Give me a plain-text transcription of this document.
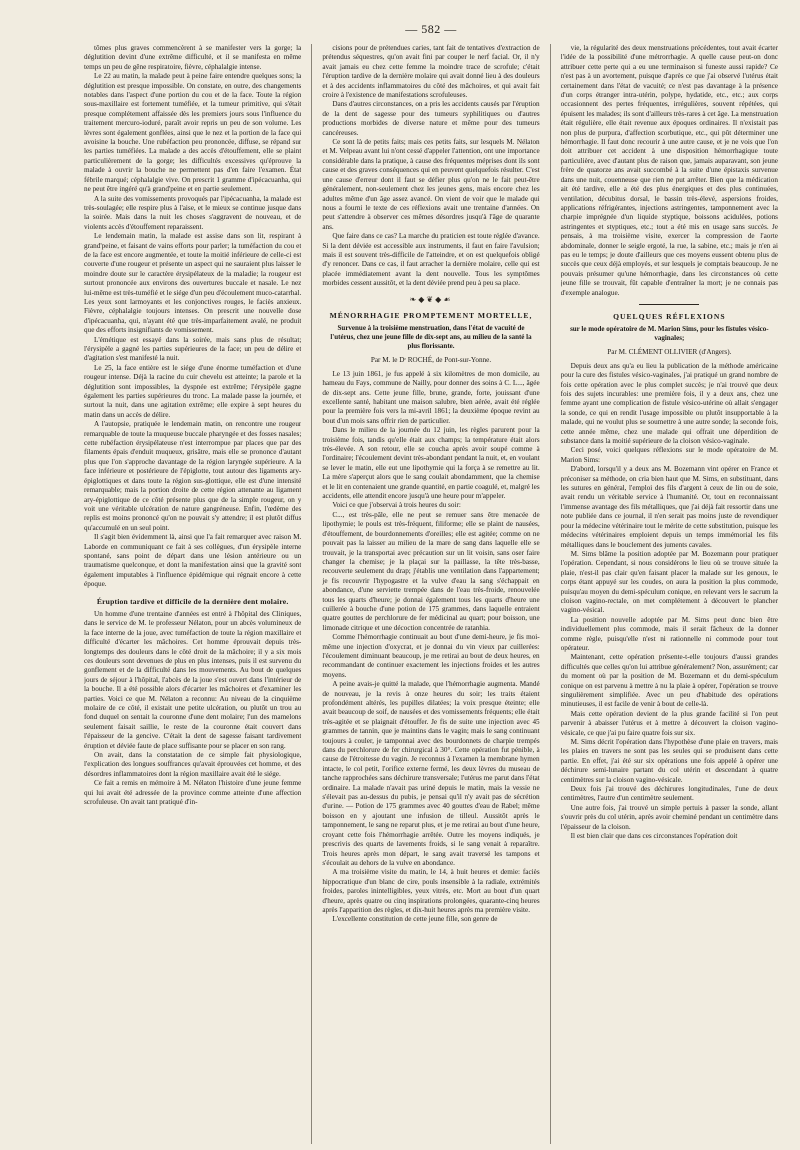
— 582 —

tômes plus graves commencèrent à se manifester vers la gorge; la déglutition devint d'une extrême difficulté, et il se manifesta en même temps un peu de gêne respiratoire, fièvre, céphalalgie intense.

Le 22 au matin, la malade peut à peine faire entendre quelques sons; la déglutition est presque impossible. On constate, en outre, des changements notables dans l'aspect d'une portion du cou et de la face. Toute la région sous-maxillaire est fortement tuméfiée, et la tumeur primitive, qui s'était presque complétement affaissée dès les premiers jours sous l'influence du traitement mercuro-ioduré, paraît avoir repris un peu de son volume. Les lèvres sont également gonflées, ainsi que le nez et la portion de la face qui avoisine la bouche. Une rubéfaction peu prononcée, diffuse, se répand sur les parties tuméfiées. La malade a des accès d'étouffement, elle se plaint particulièrement de la gorge; les difficultés excessives qu'éprouve la malade à ouvrir la bouche ne permettent pas d'en faire l'examen. État fébrile marqué; céphalalgie vive. On prescrit 1 gramme d'ipécacuanha, qui ne peut être ingéré qu'à grand'peine et en partie seulement.

A la suite des vomissements provoqués par l'ipécacuanha, la malade est très-soulagée; elle respire plus à l'aise, et le mieux se continue jusque dans la soirée. Mais dans la nuit les choses s'aggravent de nouveau, et de violents accès d'étouffement reparaissent.

Le lendemain matin, la malade est assise dans son lit, respirant à grand'peine, et faisant de vains efforts pour parler; la tuméfaction du cou et de la face est encore augmentée, et toute la moitié inférieure de celle-ci est couverte d'une rougeur et présente un aspect qui ne sauraient plus laisser le moindre doute sur le caractère érysipélateux de la maladie; la rougeur est surtout prononcée aux environs des ouvertures buccale et nasale. Le nez lui-même est très-tuméfié et le siége d'un peu d'écoulement muco-catarrhal. Les yeux sont larmoyants et les conjonctives rouges, le faciès anxieux. Fièvre, céphalalgie toujours intenses. On prescrit une nouvelle dose d'ipécacuanha, qui, n'ayant été que très-imparfaitement avalé, ne produit que des efforts insignifiants de vomissement.

L'émétique est essayé dans la soirée, mais sans plus de résultat; l'érysipèle a gagné les parties supérieures de la face; un peu de délire et d'agitation s'est manifesté la nuit.

Le 25, la face entière est le siége d'une énorme tuméfaction et d'une rougeur intense. Déjà la racine du cuir chevelu est atteinte; la parole et la déglutition sont impossibles, la dyspnée est extrême; l'érysipèle gagne également les parties supérieures du tronc. La malade passe la journée, et surtout la nuit, dans une agitation extrême; elle expire à sept heures du matin dans un accès de délire.

A l'autopsie, pratiquée le lendemain matin, on rencontre une rougeur remarquable de toute la muqueuse buccale pharyngée et des fosses nasales; cette rubéfaction érysipélateuse n'est interrompue par places que par des filaments épais d'enduit muqueux, grisâtre, mais elle se prononce d'autant plus que l'on s'approche davantage de la région laryngée supérieure. A la face inférieure et postérieure de l'épiglotte, tout autour des ligaments ary-épiglottiques et dans toute la région sus-glottique, elle est d'une intensité remarquable; mais la portion droite de cette région attenante au ligament ary-épiglottique de ce côté présente plus que de la simple rougeur, on y voit une véritable ulcération de nature gangréneuse. Enfin, l'œdème des replis est moins prononcé qu'on ne pouvait s'y attendre; il est plutôt diffus qu'accumulé en un seul point.

Il s'agit bien évidemment là, ainsi que l'a fait remarquer avec raison M. Laborde en communiquant ce fait à ses collègues, d'un érysipèle interne spontané, sans point de départ dans une lésion antérieure ou un traumatisme quelconque, et dont la manifestation ainsi que la gravité sont également imputables à l'influence épidémique qui régnait encore à cette époque.

Éruption tardive et difficile de la dernière dent molaire.

Un homme d'une trentaine d'années est entré à l'hôpital des Cliniques, dans le service de M. le professeur Nélaton, pour un abcès volumineux de la face interne de la joue, avec tuméfaction de toute la région maxillaire et difficulté d'écarter les mâchoires. Cet homme éprouvait depuis très-longtemps des douleurs dans le côté droit de la mâchoire; il y a six mois ces douleurs sont devenues de plus en plus intenses, puis il est survenu du gonflement et de la difficulté dans les mouvements. Au bout de quelques jours de séjour à l'hôpital, l'abcès de la joue s'est ouvert dans l'intérieur de la bouche. Il a été possible alors d'écarter les mâchoires et d'examiner les parties. Voici ce que M. Nélaton a reconnu: Au niveau de la cinquième molaire de ce côté, il existait une petite ulcération, ou plutôt un trou au fond duquel on sentait la couronne d'une dent molaire; l'un des mamelons seulement faisait saillie, le reste de la couronne était couvert dans l'épaisseur de la gencive. C'était la dent de sagesse faisant tardivement éruption et déviée faute de place suffisante pour se placer en son rang.

On avait, dans la constatation de ce simple fait physiologique, l'explication des longues souffrances qu'avait éprouvées cet homme, et des désordres inflammatoires dont la région maxillaire avait été le siége.

Ce fait a remis en mémoire à M. Nélaton l'histoire d'une jeune femme qui lui avait été adressée de la province comme atteinte d'une affection scrofuleuse. On avait tant pratiqué d'in-

cisions pour de prétendues caries, tant fait de tentatives d'extraction de prétendus séquestres, qu'on avait fini par couper le nerf facial. Or, il n'y avait jamais eu chez cette femme la moindre trace de scrofule; c'était l'éruption tardive de la dernière molaire qui avait donné lieu à des douleurs et à des accidents inflammatoires du côté des mâchoires, et qui avait fait croire à l'existence de manifestations scrofuleuses.

Dans d'autres circonstances, on a pris les accidents causés par l'éruption de la dent de sagesse pour des tumeurs syphilitiques ou d'autres productions morbides de diverse nature et même pour des tumeurs cancéreuses.

Ce sont là de petits faits; mais ces petits faits, sur lesquels M. Nélaton et M. Velpeau avant lui n'ont cessé d'appeler l'attention, ont une importance considérable dans la pratique, à cause des fréquentes méprises dont ils sont cause et des graves conséquences qui en peuvent quelquefois résulter. C'est une cause d'erreur dont il faut se défier plus qu'on ne le fait peut-être généralement, non-seulement chez les jeunes gens, mais encore chez les adultes même d'un âge assez avancé. On vient de voir que le malade qui nous a fourni le texte de ces réflexions avait une trentaine d'années. On peut s'attendre à observer ces mêmes désordres jusqu'à l'âge de quarante ans.

Que faire dans ce cas? La marche du praticien est toute réglée d'avance. Si la dent déviée est accessible aux instruments, il faut en faire l'avulsion; mais il est souvent très-difficile de l'atteindre, et on est quelquefois obligé d'y renoncer. Dans ce cas, il faut arracher la dernière molaire, celle qui est placée immédiatement avant la dent nouvelle. Tous les symptômes morbides cessent aussitôt, et la dent déviée prend peu à peu sa place.

❧◆❦◆☙
MÉNORRHAGIE PROMPTEMENT MORTELLE,
Survenue à la troisième menstruation, dans l'état de vacuité de l'utérus, chez une jeune fille de dix-sept ans, au milieu de la santé la plus florissante.
Par M. le Dʳ ROCHÉ, de Pont-sur-Yonne.

Le 13 juin 1861, je fus appelé à six kilomètres de mon domicile, au hameau du Fays, commune de Nailly, pour donner des soins à C. L..., âgée de dix-sept ans. Cette jeune fille, brune, grande, forte, jouissant d'une excellente santé, habitant une maison salubre, bien aérée, avait été réglée pour la première fois vers la mi-avril 1861; la deuxième époque revint au bout d'un mois sans offrir rien de particulier.

Dans le milieu de la journée du 12 juin, les règles parurent pour la troisième fois, tandis qu'elle était aux champs; la température était alors très-élevée. A son retour, elle se coucha après avoir soupé comme à l'ordinaire; l'écoulement devint très-abondant pendant la nuit, et, en voulant se lever le matin, elle eut une lipothymie qui la força à se remettre au lit. La mère s'aperçut alors que le sang coulait abondamment, que la chemise et le lit en contenaient une grande quantité, en partie coagulé, et, malgré les accidents, elle attendit encore jusqu'à une heure pour m'appeler.

Voici ce que j'observai à trois heures du soir:

C..., est très-pâle, elle ne peut se remuer sans être menacée de lipothymie; le pouls est très-fréquent, filiforme; elle se plaint de nausées, d'étouffement, de bourdonnements d'oreilles; elle est agitée; comme on ne pouvait pas la laisser au milieu de la mare de sang dans laquelle elle se trouvait, je la transportai avec précaution sur un lit voisin, sans oser faire changer la chemise; je la plaçai sur la paillasse, la tête très-basse, recouverte seulement du drap; j'établis une ventilation dans l'appartement; je fis recouvrir l'hypogastre et la vulve d'eau la sang s'échappait en abondance, d'une serviette trempée dans de l'eau très-froide, renouvelée tous les quarts d'heure; je donnai également tous les quarts d'heure une cuillerée à bouche d'une potion de 175 grammes, dans laquelle entraient quatre gouttes de perchlorure de fer médicinal au quart; pour boisson, une limonade citrique et une décoction concentrée de ratanhia.

Comme l'hémorrhagie continuait au bout d'une demi-heure, je fis moi-même une injection d'oxycrat, et je donnai du vin vieux par cuillerées: l'écoulement diminuant beaucoup, je me retirai au bout de deux heures, en recommandant de continuer exactement les injections froides et les autres moyens.

A peine avais-je quitté la malade, que l'hémorrhagie augmenta. Mandé de nouveau, je la revis à onze heures du soir; les traits étaient profondément altérés, les pupilles dilatées; la voix presque éteinte; elle avait beaucoup de soif, de nausées et des vomissements fréquents; elle était très-agitée et se plaignait d'étouffer. Je fis de suite une injection avec 45 grammes de tannin, que je maintins dans le vagin; mais le sang continuant toujours à couler, je tamponnai avec des bourdonnets de charpie trempés dans du perchlorure de fer chirurgical à 30°. Cette opération fut pénible, à cause de l'étroitesse du vagin. Je reconnus à l'examen la membrane hymen intacte, le col petit, l'orifice externe fermé, les deux lèvres du museau de tanche rapprochées sans déchirure transversale; l'utérus me parut dans l'état ordinaire. La malade n'avait pas uriné depuis le matin, mais la vessie ne s'élevait pas au-dessus du pubis, je pensai qu'il n'y avait pas de sécrétion d'urine. — Potion de 175 grammes avec 40 gouttes d'eau de Rabel; même boisson en y ajoutant une infusion de tilleul. Aussitôt après le tamponnement, le sang ne reparut plus, et je me retirai au bout d'une heure, croyant cette fois l'hémorrhagie arrêtée. Outre les moyens indiqués, je prescrivis des quarts de lavements froids, si le sang venait à reparaître. Trois heures après mon départ, le sang avait traversé les tampons et s'écoulait au dehors de la vulve en abondance.

A ma troisième visite du matin, le 14, à huit heures et demie: faciès hippocratique d'un blanc de cire, pouls insensible à la radiale, extrémités froides, paroles inintelligibles, yeux vitrés, etc. Mort au bout d'un quart d'heure, après quatre ou cinq inspirations prolongées, quarante-cinq heures après l'apparition des règles, et dix-huit heures après ma première visite.

L'excellente constitution de cette jeune fille, son genre de

vie, la régularité des deux menstruations précédentes, tout avait écarter l'idée de la possibilité d'une métrorrhagie. A quelle cause peut-on donc attribuer cette perte qui a eu une terminaison si funeste aussi rapide? Ce n'est pas à un avortement, puisque d'après ce que j'ai observé l'utérus était certainement dans l'état de vacuité; ce n'est pas davantage à la présence d'un corps étranger intra-utérin, polype, hydatide, etc., etc.; aux corps occasionnent des pertes fréquentes, irrégulières, souvent répétées, qui épuisent les malades; ils sont d'ailleurs très-rares à cet âge. La menstruation était régulière, elle était revenue aux époques ordinaires. Il n'existait pas non plus de purpura, d'affection scorbutique, etc., qui pût déterminer une hémorrhagie. Il faut donc recourir à une autre cause, et je ne vois que l'on doit attribuer cet accident à une disposition hémorrhagique toute particulière, avec d'autant plus de raison que, jamais auparavant, son jeune frère de quatorze ans avait succombé à la suite d'une épistaxis survenue dans une nuit, couenneuse que rien ne put arrêter. Bien que la médication ait été tardive, elle a été des plus énergiques et des plus continuées, ventilation, décubitus dorsal, le bassin très-élevé, aspersions froides, applications réfrigérantes, injections astringentes, tamponnement avec la charpie imprégnée d'un liquide styptique, boissons acidulées, potions astringentes et styptiques, etc.; tout a été mis en usage sans succès. Je pensais, à ma troisième visite, exercer la compression de l'aorte abdominale, donner le seigle ergoté, la rue, la sabine, etc.; mais je n'en ai pas eu le temps; je doute d'ailleurs que ces moyens eussent obtenu plus de succès que ceux déjà employés, et sur lesquels je comptais beaucoup. Je ne pouvais présumer qu'une hémorrhagie, dans les circonstances où cette jeune fille se trouvait, fût capable d'entraîner la mort; je ne connais pas d'exemple analogue.

QUELQUES RÉFLEXIONS
sur le mode opératoire de M. Marion Sims, pour les fistules vésico-vaginales;
Par M. CLÉMENT OLLIVIER (d'Angers).

Depuis deux ans qu'a eu lieu la publication de la méthode américaine pour la cure des fistules vésico-vaginales, j'ai pratiqué un grand nombre de fois cette opération avec le plus complet succès; je n'ai trouvé que deux fois des sujets incurables: une première fois, il y a deux ans, chez une femme ayant une complication de fistule vésico-utérine où allait s'engager la sonde, ce qui en rendit l'usage impossible ou plutôt insupportable à la malade, qui ne voulut plus se soumettre à une autre sonde; la seconde fois, cette année même, chez une malade qui offrait une déperdition de substance dans la moitié supérieure de la cloison vésico-vaginale.

Ceci posé, voici quelques réflexions sur le mode opératoire de M. Marion Sims:

D'abord, lorsqu'il y a deux ans M. Bozemann vint opérer en France et préconiser sa méthode, on cria bien haut que M. Sims, en substituant, dans les sutures en général, l'emploi des fils d'argent à ceux de lin ou de soie, avait rendu un véritable service à l'humanité. Or, tout en reconnaissant l'immense avantage des fils métalliques, que j'ai déjà fait ressortir dans une note publiée dans ce journal, il n'en serait pas moins juste de revendiquer pour la médecine vétérinaire tout le mérite de cette substitution, puisque les médecins vétérinaires emploient depuis un temps immémorial les fils métalliques dans le bouclement des juments cavales.

M. Sims blâme la position adoptée par M. Bozemann pour pratiquer l'opération. Cependant, si nous considérons le lieu où se trouve située la plaie, n'est-il pas clair qu'en faisant placer la malade sur les genoux, le corps étant appuyé sur les coudes, on aura la position la plus commode, puisqu'au moyen du demi-spéculum conique, en relevant vers le sacrum la cloison vagino-rectale, on met complétement à découvert le plancher vagino-vésical.

La position nouvelle adoptée par M. Sims peut donc bien être individuellement plus commode, mais il serait fâcheux de la donner comme règle, puisqu'elle n'est ni rationnelle ni commode pour tout opérateur.

Maintenant, cette opération présente-t-elle toujours d'aussi grandes difficultés que celles qu'on lui attribue généralement? Non, assurément; car du moment où par la position de M. Bozemann et du demi-spéculum conique on est parvenu à mettre à nu la plaie à opérer, l'opération se trouve singulièrement simplifiée. Avec un peu d'habitude des opérations minutieuses, il est facile de venir à bout de celle-là.

Mais cette opération devient de la plus grande facilité si l'on peut parvenir à abaisser l'utérus et à mettre à découvert la cloison vagino-vésicale, ce que j'ai pu faire quatre fois sur six.

M. Sims décrit l'opération dans l'hypothèse d'une plaie en travers, mais les plaies en travers ne sont pas les seules qui se produisent dans cette partie. En effet, j'ai été sur six opérations une fois appelé à opérer une déchirure semi-lunaire partant du col utérin et descendant à quatre centimètres sur la cloison vagino-vésicale.

Deux fois j'ai trouvé des déchirures longitudinales, l'une de deux centimètres, l'autre d'un centimètre seulement.

Une autre fois, j'ai trouvé un simple pertuis à passer la sonde, allant s'ouvrir près du col utérin, après avoir cheminé pendant un centimètre dans l'épaisseur de la cloison.

Il est bien clair que dans ces circonstances l'opération doit
